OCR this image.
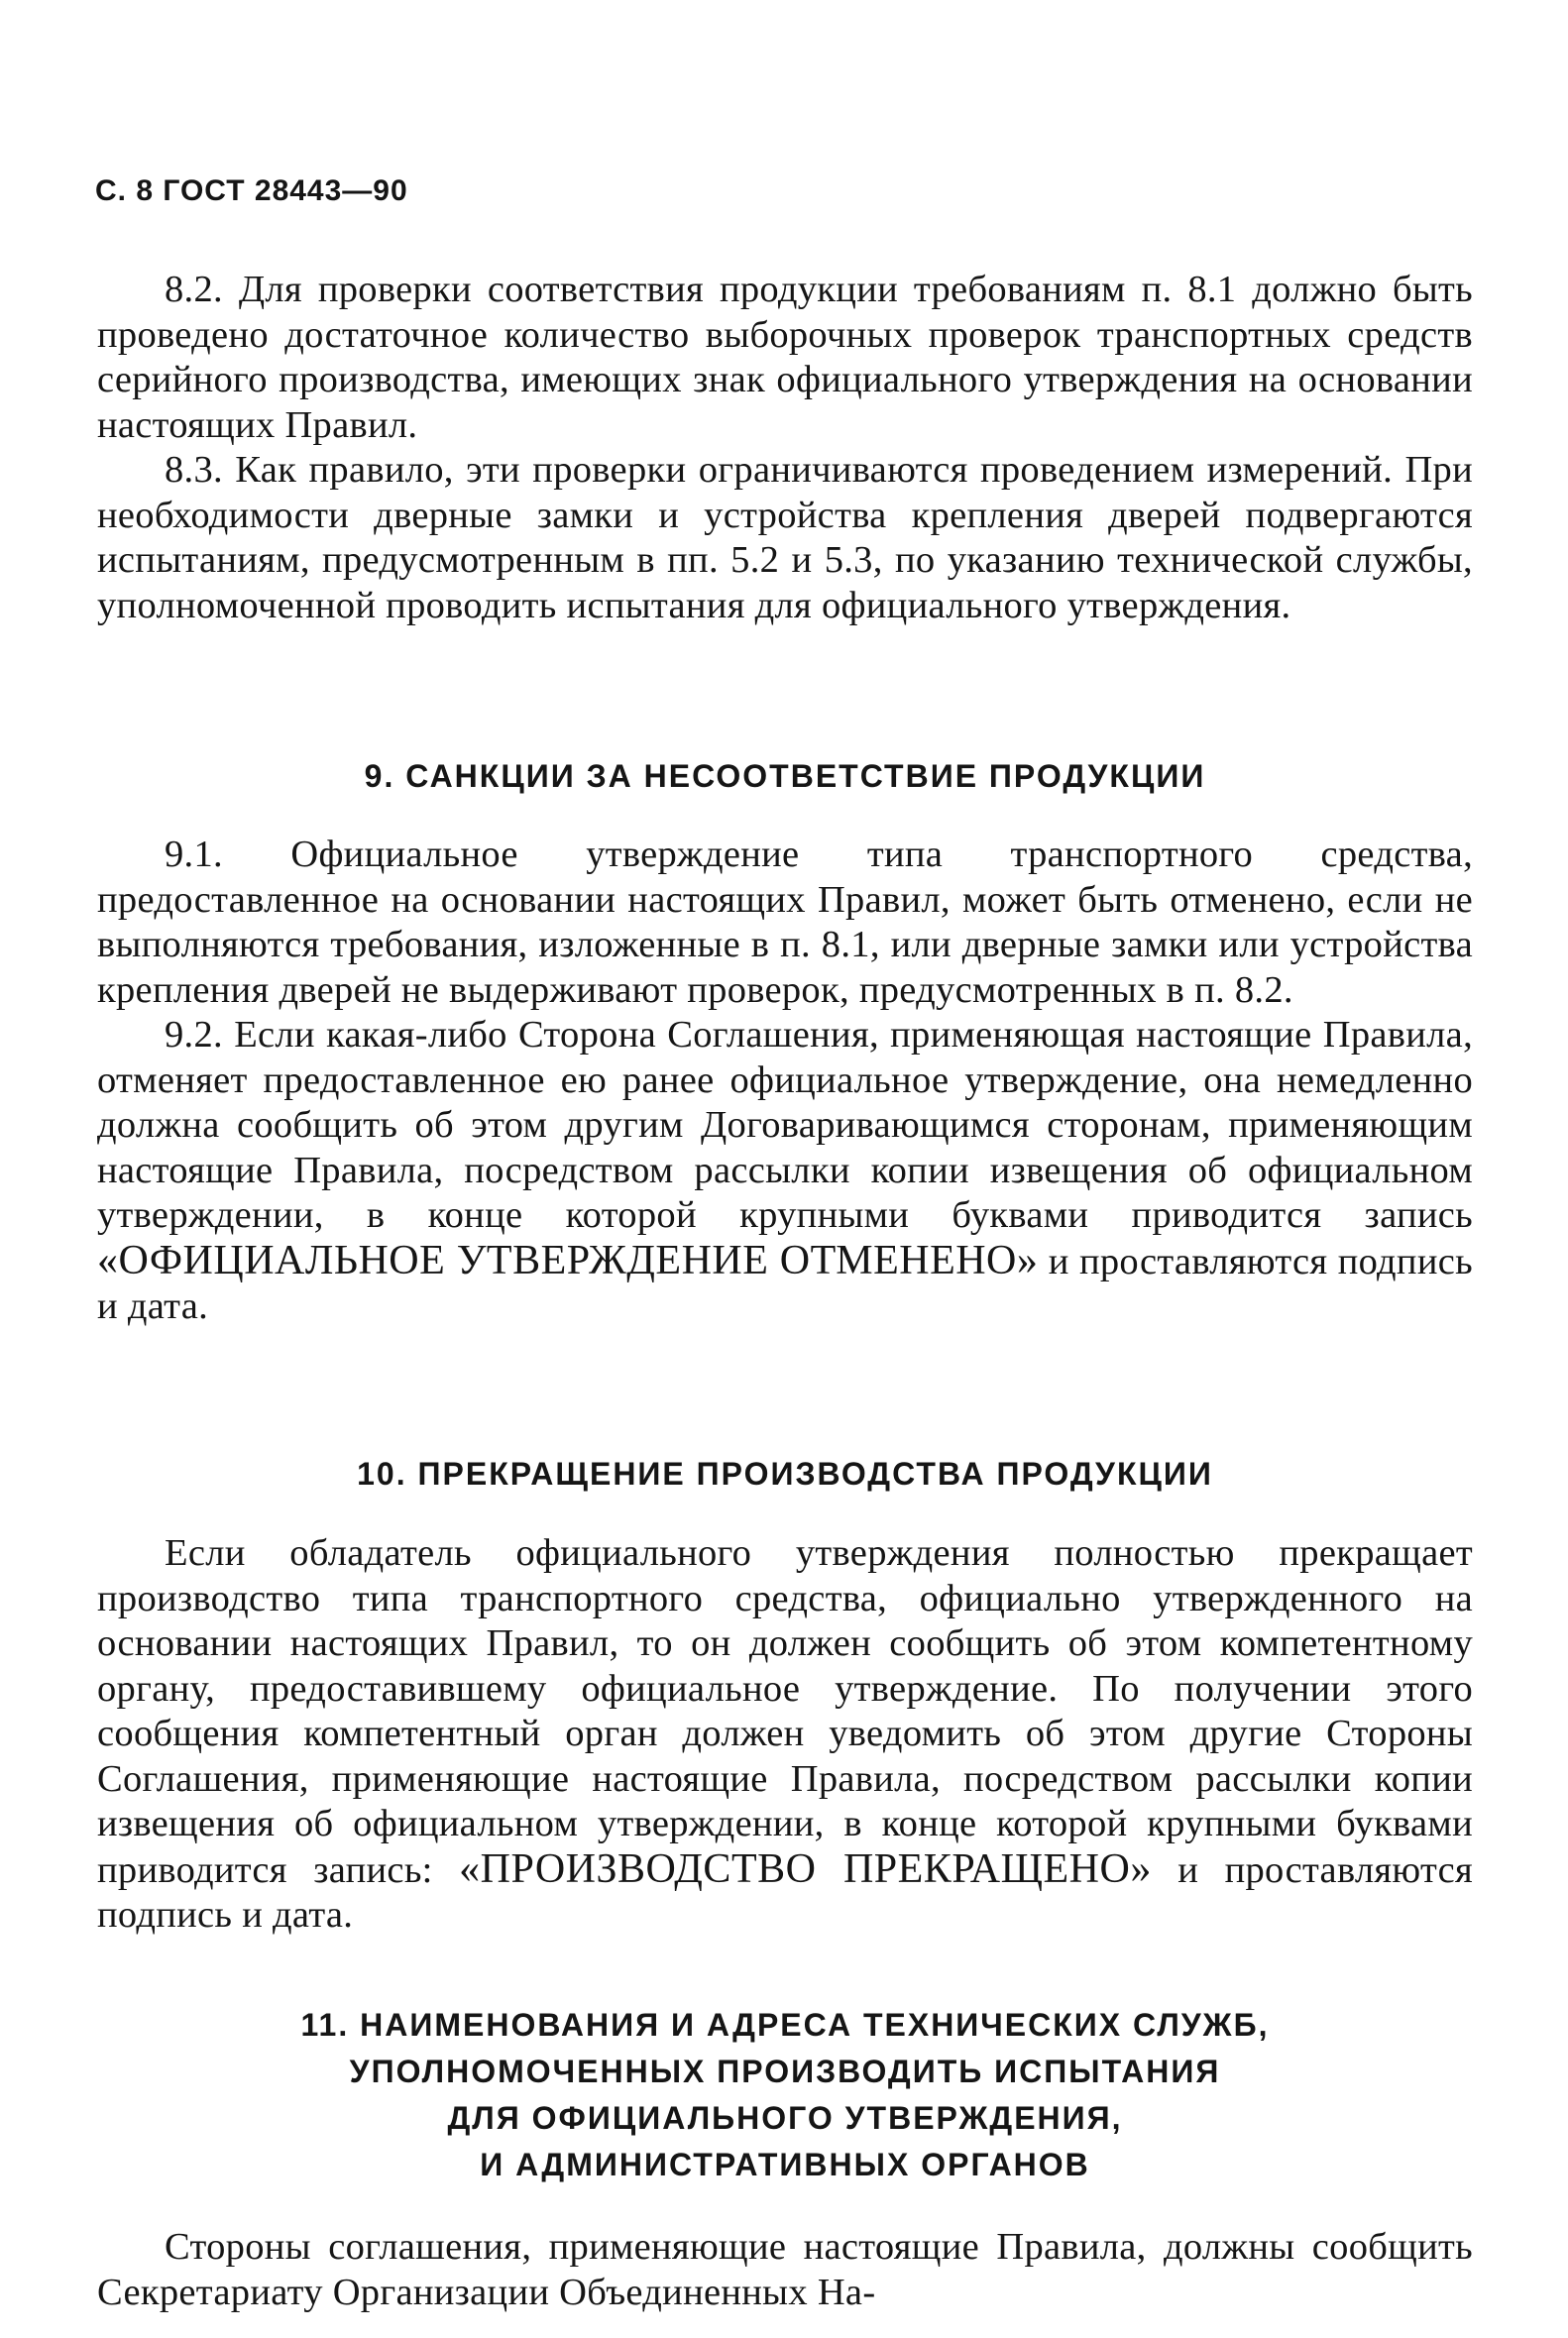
С. 8 ГОСТ 28443—90

8.2. Для проверки соответствия продукции требованиям п. 8.1 должно быть проведено достаточное количество выборочных проверок транспортных средств серийного производства, имеющих знак официального утверждения на основании настоящих Правил.

8.3. Как правило, эти проверки ограничиваются проведением измерений. При необходимости дверные замки и устройства крепления дверей подвергаются испытаниям, предусмотренным в пп. 5.2 и 5.3, по указанию технической службы, уполномоченной проводить испытания для официального утверждения.

9. САНКЦИИ ЗА НЕСООТВЕТСТВИЕ ПРОДУКЦИИ

9.1. Официальное утверждение типа транспортного средства, предоставленное на основании настоящих Правил, может быть отменено, если не выполняются требования, изложенные в п. 8.1, или дверные замки или устройства крепления дверей не выдерживают проверок, предусмотренных в п. 8.2.

9.2. Если какая-либо Сторона Соглашения, применяющая настоящие Правила, отменяет предоставленное ею ранее официальное утверждение, она немедленно должна сообщить об этом другим Договаривающимся сторонам, применяющим настоящие Правила, посредством рассылки копии извещения об официальном утверждении, в конце которой крупными буквами приводится запись «ОФИЦИАЛЬНОЕ УТВЕРЖДЕНИЕ ОТМЕНЕНО» и проставляются подпись и дата.

10. ПРЕКРАЩЕНИЕ ПРОИЗВОДСТВА ПРОДУКЦИИ

Если обладатель официального утверждения полностью прекращает производство типа транспортного средства, официально утвержденного на основании настоящих Правил, то он должен сообщить об этом компетентному органу, предоставившему официальное утверждение. По получении этого сообщения компетентный орган должен уведомить об этом другие Стороны Соглашения, применяющие настоящие Правила, посредством рассылки копии извещения об официальном утверждении, в конце которой крупными буквами приводится запись: «ПРОИЗВОДСТВО ПРЕКРАЩЕНО» и проставляются подпись и дата.

11. НАИМЕНОВАНИЯ И АДРЕСА ТЕХНИЧЕСКИХ СЛУЖБ,
УПОЛНОМОЧЕННЫХ ПРОИЗВОДИТЬ ИСПЫТАНИЯ
ДЛЯ ОФИЦИАЛЬНОГО УТВЕРЖДЕНИЯ,
И АДМИНИСТРАТИВНЫХ ОРГАНОВ

Стороны соглашения, применяющие настоящие Правила, должны сообщить Секретариату Организации Объединенных На-
